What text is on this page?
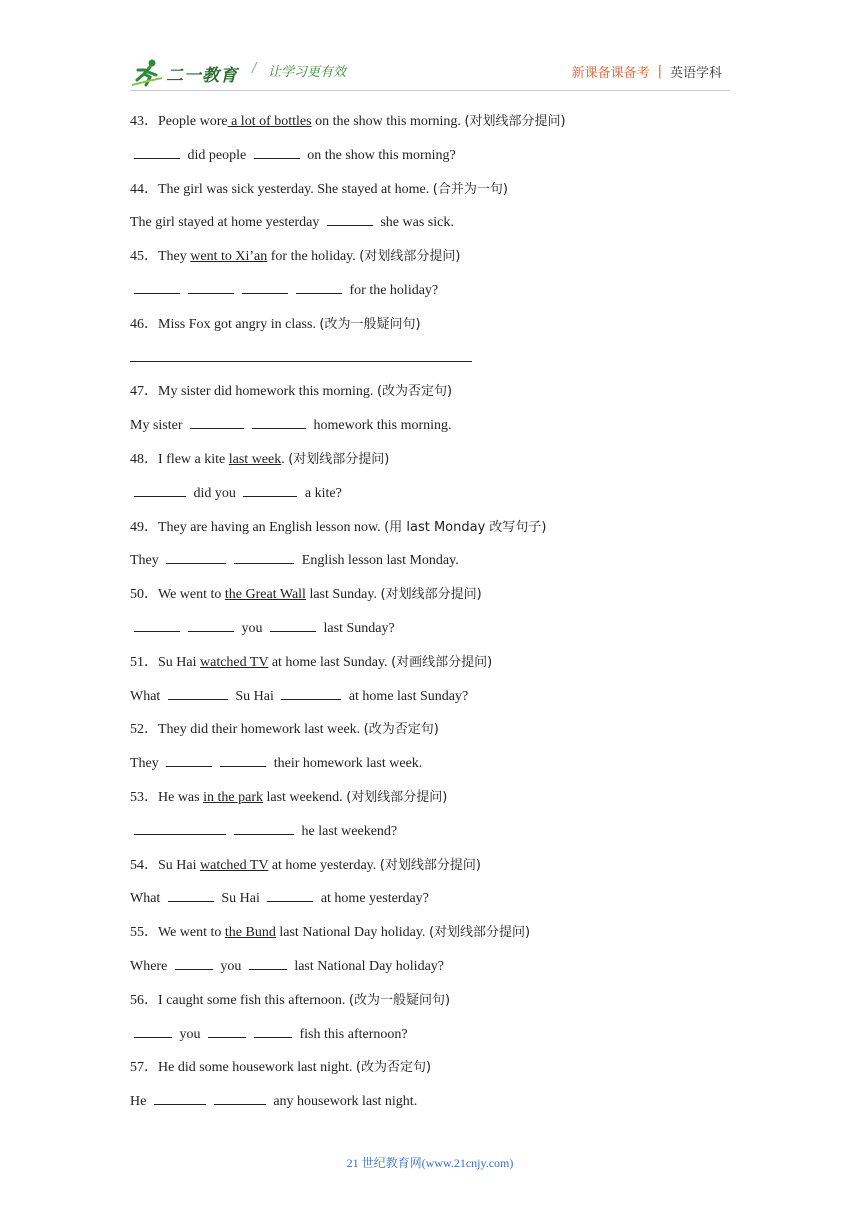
二一教育 / 让学习更有效	新课备课备考 | 英语学科
43．People wore a lot of bottles on the show this morning. (对划线部分提问)
did people	on the show this morning?
44．The girl was sick yesterday. She stayed at home. (合并为一句)
The girl stayed at home yesterday	she was sick.
45．They went to Xi’an for the holiday. (对划线部分提问)
for the holiday?
46．Miss Fox got angry in class. (改为一般疑问句)
47．My sister did homework this morning. (改为否定句)
My sister	homework this morning.
48．I flew a kite last week. (对划线部分提问)
did you	a kite?
49．They are having an English lesson now. (用 last Monday 改写句子)
They	English lesson last Monday.
50．We went to the Great Wall last Sunday. (对划线部分提问)
you	last Sunday?
51．Su Hai watched TV at home last Sunday. (对画线部分提问)
What	Su Hai	at home last Sunday?
52．They did their homework last week. (改为否定句)
They	their homework last week.
53．He was in the park last weekend. (对划线部分提问)
he last weekend?
54．Su Hai watched TV at home yesterday. (对划线部分提问)
What	Su Hai	at home yesterday?
55．We went to the Bund last National Day holiday. (对划线部分提问)
Where	you	last National Day holiday?
56．I caught some fish this afternoon. (改为一般疑问句)
you	fish this afternoon?
57．He did some housework last night. (改为否定句)
He	any housework last night.
21 世纪教育网(www.21cnjy.com)
